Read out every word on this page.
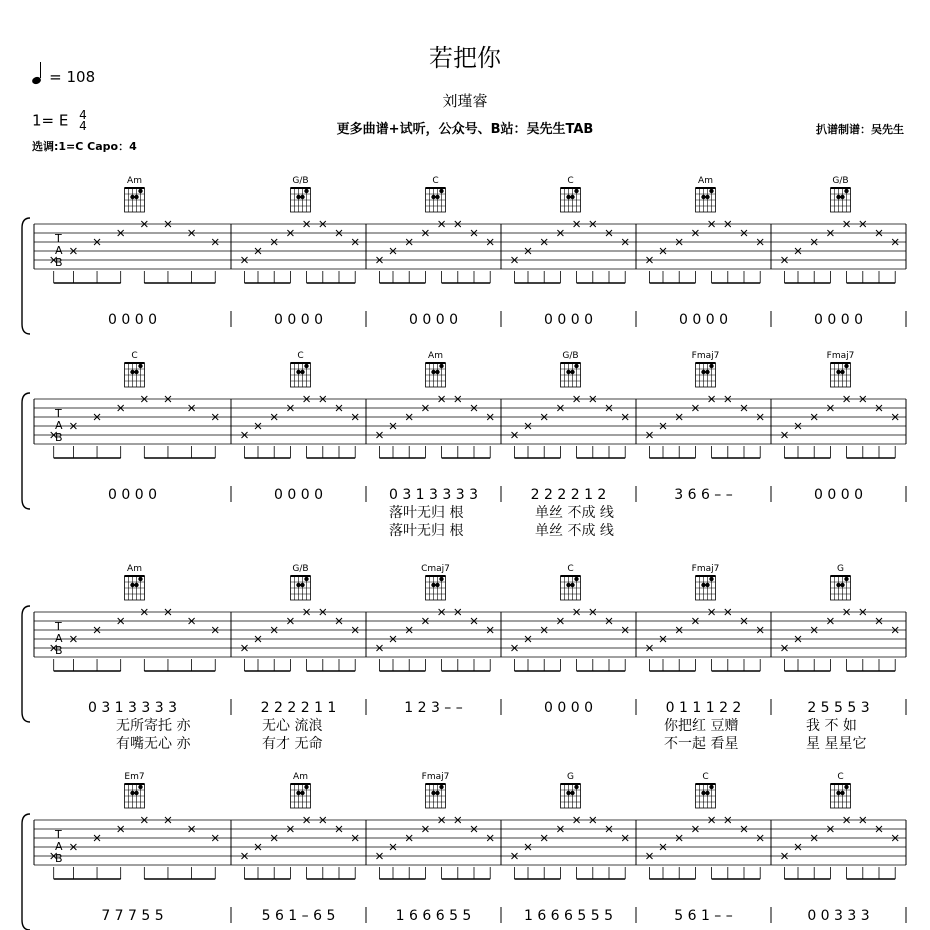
若把你
刘瑾睿
更多曲谱+试听，公众号、B站：吴先生TAB	扒谱制谱：吴先生
= 108
1= E 4
4
选调:1=C Capo：4
T
A
B
Am
0 0 0 0
G/B
0 0 0 0
C
0 0 0 0
C
0 0 0 0
Am
0 0 0 0
G/B
0 0 0 0
T
A
B
C
0 0 0 0
C
0 0 0 0
Am
0 3 1 3 3 3 3
G/B
2 2 2 2 1 2
Fmaj7
3 6 6 – –
Fmaj7
0 0 0 0
落叶无归 根	单丝 不成 线
落叶无归 根	单丝 不成 线
T
A
B
Am
0 3 1 3 3 3 3
G/B
2 2 2 2 1 1
Cmaj7
1 2 3 – –
C
0 0 0 0
Fmaj7
0 1 1 1 2 2
G
2 5 5 5 3
无所寄托 亦	无心 流浪	你把红 豆赠	我 不 如
有嘴无心 亦	有才 无命	不一起 看星	星 星星它
T
A
B
Em7
7 7 7 5 5
Am
5 6 1 – 6 5
Fmaj7
1 6 6 6 5 5
G
1 6 6 6 5 5 5
C
5 6 1 – –
C
0 0 3 3 3
